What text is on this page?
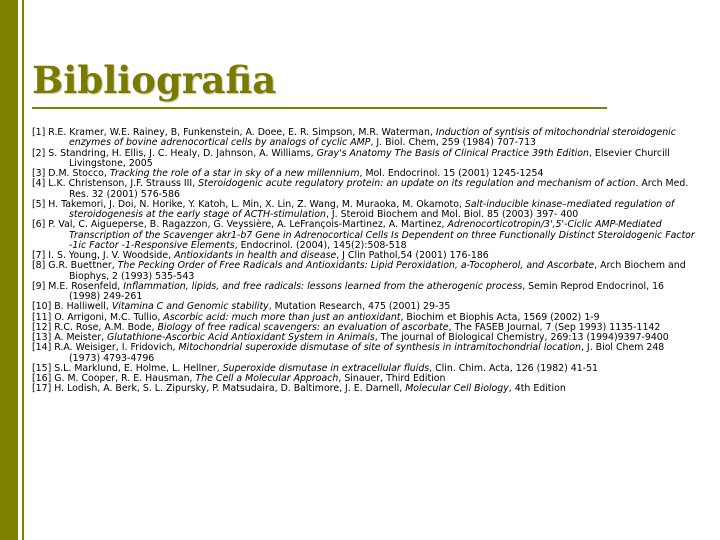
Bibliografia
[1] R.E. Kramer, W.E. Rainey, B, Funkenstein, A. Doee, E. R. Simpson, M.R. Waterman, Induction of syntisis of mitochondrial steroidogenic enzymes of bovine adrenocortical cells by analogs of cyclic AMP, J. Biol. Chem, 259 (1984) 707-713
[2] S. Standring, H. Ellis, J. C. Healy, D. Jahnson, A. Williams, Gray's Anatomy The Basis of Clinical Practice 39th Edition, Elsevier Churcill Livingstone, 2005
[3] D.M. Stocco, Tracking the role of a star in sky of a new millennium, Mol. Endocrinol. 15 (2001) 1245-1254
[4] L.K. Christenson, J.F. Strauss III, Steroidogenic acute regulatory protein: an update on its regulation and mechanism of action. Arch Med. Res. 32 (2001) 576-586
[5] H. Takemori, J. Doi, N. Horike, Y. Katoh, L. Min, X. Lin, Z. Wang, M. Muraoka, M. Okamoto, Salt-inducible kinase–mediated regulation of steroidogenesis at the early stage of ACTH-stimulation, J. Steroid Biochem and Mol. Biol. 85 (2003) 397- 400
[6] P. Val, C. Aigueperse, B. Ragazzon, G. Veyssière, A. LeFrançois-Martinez, A. Martinez, Adrenocorticotropin/3',5'-Ciclic AMP-Mediated Transcription of the Scavenger akr1-b7 Gene in Adrenocortical Cells Is Dependent on three Functionally Distinct Steroidogenic Factor -1ic Factor -1-Responsive Elements, Endocrinol. (2004), 145(2):508-518
[7] I. S. Young, J. V. Woodside, Antioxidants in health and disease, J Clin Pathol,54 (2001) 176-186
[8] G.R. Buettner, The Pecking Order of Free Radicals and Antioxidants: Lipid Peroxidation, a-Tocopherol, and Ascorbate, Arch Biochem and Biophys, 2 (1993) 535-543
[9] M.E. Rosenfeld, Inflammation, lipids, and free radicals: lessons learned from the atherogenic process, Semin Reprod Endocrinol, 16 (1998) 249-261
[10] B. Halliwell, Vitamina C and Genomic stability, Mutation Research, 475 (2001) 29-35
[11] O. Arrigoni, M.C. Tullio, Ascorbic acid: much more than just an antioxidant, Biochim et Biophis Acta, 1569 (2002) 1-9
[12] R.C. Rose, A.M. Bode, Biology of free radical scavengers: an evaluation of ascorbate, The FASEB Journal, 7 (Sep 1993) 1135-1142
[13] A. Meister, Glutathione-Ascorbic Acid Antioxidant System in Animals, The journal of Biological Chemistry, 269:13 (1994)9397-9400
[14] R.A. Weisiger, I. Fridovich, Mitochondrial superoxide dismutase of site of synthesis in intramitochondrial location, J. Biol Chem 248 (1973) 4793-4796
[15] S.L. Marklund, E. Holme, L. Hellner, Superoxide dismutase in extracellular fluids, Clin. Chim. Acta, 126 (1982) 41-51
[16] G. M. Cooper, R. E. Hausman, The Cell a Molecular Approach, Sinauer, Third Edition
[17] H. Lodish, A. Berk, S. L. Zipursky, P. Matsudaira, D. Baltimore, J. E. Darnell, Molecular Cell Biology, 4th Edition
